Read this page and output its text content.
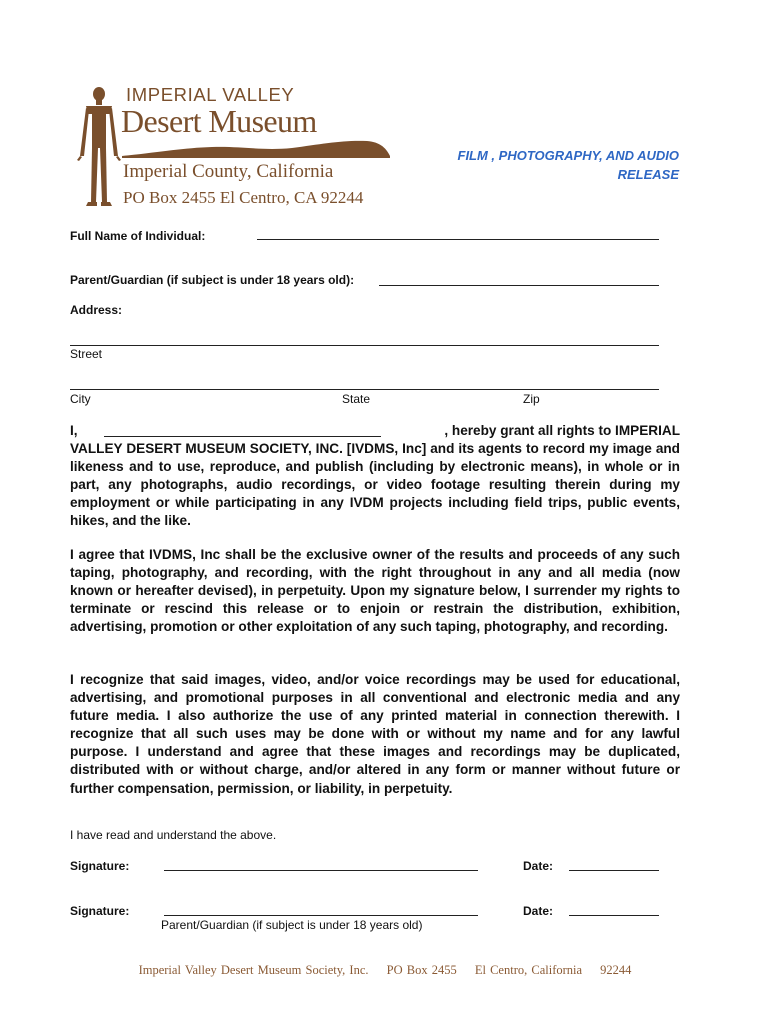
IMPERIAL VALLEY
Desert Museum
Imperial County, California
PO Box 2455 El Centro, CA 92244
FILM , PHOTOGRAPHY, AND AUDIO
RELEASE
Full Name of Individual:
Parent/Guardian (if subject is under 18 years old):
Address:
Street
City	State	Zip
I,	, hereby grant all rights to IMPERIAL
VALLEY DESERT MUSEUM SOCIETY, INC. [IVDMS, Inc] and its agents to record my image and likeness and to use, reproduce, and publish (including by electronic means), in whole or in part, any photographs, audio recordings, or video footage resulting therein during my employment or while participating in any IVDM projects including field trips, public events, hikes, and the like.

I agree that IVDMS, Inc shall be the exclusive owner of the results and proceeds of any such taping, photography, and recording, with the right throughout in any and all media (now known or hereafter devised), in perpetuity. Upon my signature below, I surrender my rights to terminate or rescind this release or to enjoin or restrain the distribution, exhibition, advertising, promotion or other exploitation of any such taping, photography, and recording.

I recognize that said images, video, and/or voice recordings may be used for educational, advertising, and promotional purposes in all conventional and electronic media and any future media. I also authorize the use of any printed material in connection therewith. I recognize that all such uses may be done with or without my name and for any lawful purpose. I understand and agree that these images and recordings may be duplicated, distributed with or without charge, and/or altered in any form or manner without future or further compensation, permission, or liability, in perpetuity.

I have read and understand the above.
Signature:	Date:
Signature:	Date:
Parent/Guardian (if subject is under 18 years old)
Imperial Valley Desert Museum Society, Inc. PO Box 2455 El Centro, California 92244
